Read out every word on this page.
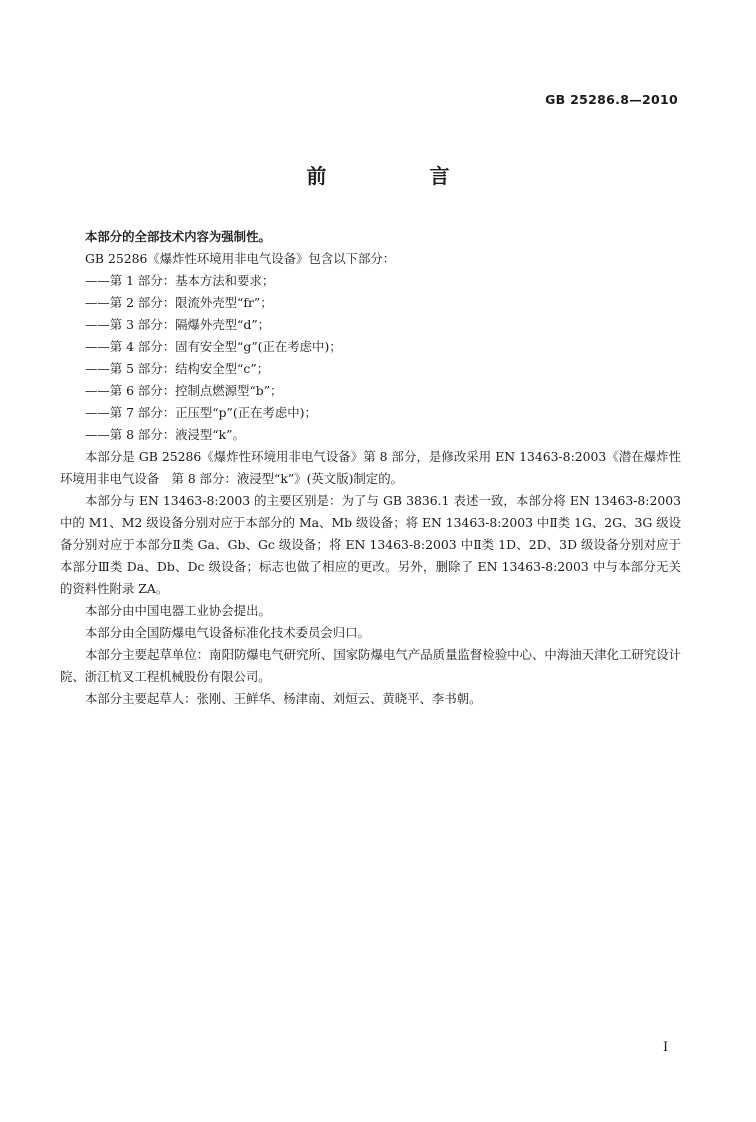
GB 25286.8—2010
前 言

本部分的全部技术内容为强制性。

GB 25286《爆炸性环境用非电气设备》包含以下部分：

——第 1 部分：基本方法和要求；

——第 2 部分：限流外壳型“fr”；

——第 3 部分：隔爆外壳型“d”；

——第 4 部分：固有安全型“g”(正在考虑中)；

——第 5 部分：结构安全型“c”；

——第 6 部分：控制点燃源型“b”；

——第 7 部分：正压型“p”(正在考虑中)；

——第 8 部分：液浸型“k”。

本部分是 GB 25286《爆炸性环境用非电气设备》第 8 部分，是修改采用 EN 13463-8:2003《潜在爆炸性环境用非电气设备　第 8 部分：液浸型“k”》(英文版)制定的。

本部分与 EN 13463-8:2003 的主要区别是：为了与 GB 3836.1 表述一致，本部分将 EN 13463-8:2003 中的 M1、M2 级设备分别对应于本部分的 Ma、Mb 级设备；将 EN 13463-8:2003 中Ⅱ类 1G、2G、3G 级设备分别对应于本部分Ⅱ类 Ga、Gb、Gc 级设备；将 EN 13463-8:2003 中Ⅱ类 1D、2D、3D 级设备分别对应于本部分Ⅲ类 Da、Db、Dc 级设备；标志也做了相应的更改。另外，删除了 EN 13463-8:2003 中与本部分无关的资料性附录 ZA。

本部分由中国电器工业协会提出。

本部分由全国防爆电气设备标准化技术委员会归口。

本部分主要起草单位：南阳防爆电气研究所、国家防爆电气产品质量监督检验中心、中海油天津化工研究设计院、浙江杭叉工程机械股份有限公司。

本部分主要起草人：张刚、王鲜华、杨津南、刘烜云、黄晓平、李书朝。

I
